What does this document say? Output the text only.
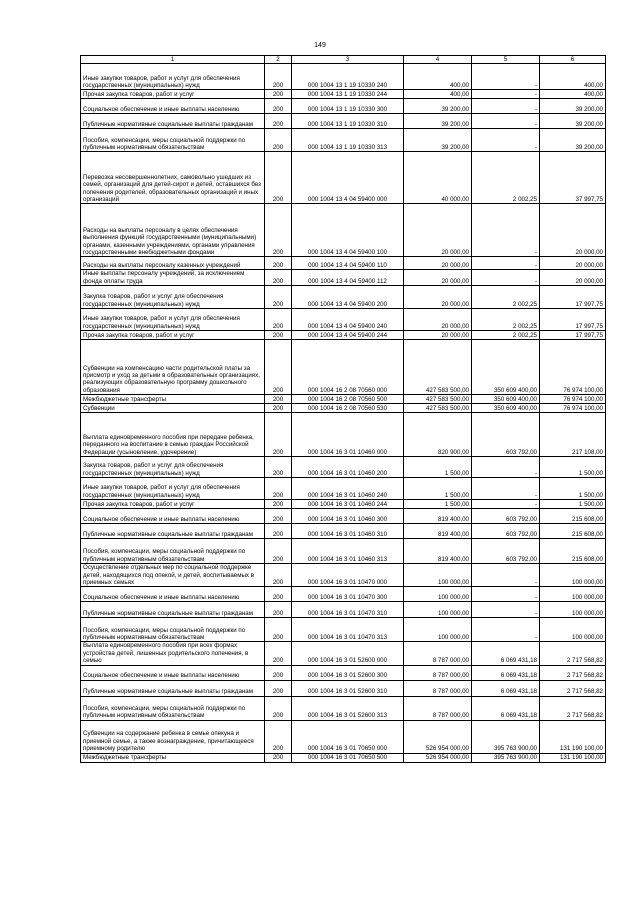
149
1	2	3	4	5	6
Иные закупки товаров, работ и услуг для обеспечения государственных (муниципальных) нужд	200	000 1004 13 1 19 10330 240	400,00	-	400,00
Прочая закупка товаров, работ и услуг	200	000 1004 13 1 19 10330 244	400,00	-	400,00
Социальное обеспечение и иные выплаты населению	200	000 1004 13 1 19 10330 300	39 200,00	-	39 200,00
Публичные нормативные социальные выплаты гражданам	200	000 1004 13 1 19 10330 310	39 200,00	-	39 200,00
Пособия, компенсации, меры социальной поддержки по публичным нормативным обязательствам	200	000 1004 13 1 19 10330 313	39 200,00	-	39 200,00
Перевозка несовершеннолетних, самовольно ушедших из семей, организаций для детей-сирот и детей, оставшихся без попечения родителей, образовательных организаций и иных организаций	200	000 1004 13 4 04 59400 000	40 000,00	2 002,25	37 997,75
Расходы на выплаты персоналу в целях обеспечения выполнения функций государственными (муниципальными) органами, казенными учреждениями, органами управления государственными внебюджетными фондами	200	000 1004 13 4 04 59400 100	20 000,00	-	20 000,00
Расходы на выплаты персоналу казенных учреждений	200	000 1004 13 4 04 59400 110	20 000,00	-	20 000,00
Иные выплаты персоналу учреждений, за исключением фонда оплаты труда	200	000 1004 13 4 04 59400 112	20 000,00	-	20 000,00
Закупка товаров, работ и услуг для обеспечения государственных (муниципальных) нужд	200	000 1004 13 4 04 59400 200	20 000,00	2 002,25	17 997,75
Иные закупки товаров, работ и услуг для обеспечения государственных (муниципальных) нужд	200	000 1004 13 4 04 59400 240	20 000,00	2 002,25	17 997,75
Прочая закупка товаров, работ и услуг	200	000 1004 13 4 04 59400 244	20 000,00	2 002,25	17 997,75
Субвенции на компенсацию части родительской платы за присмотр и уход за детьми в образовательных организациях, реализующих образовательную программу дошкольного образования	200	000 1004 16 2 08 70560 000	427 583 500,00	350 609 400,00	76 974 100,00
Межбюджетные трансферты	200	000 1004 16 2 08 70560 500	427 583 500,00	350 609 400,00	76 974 100,00
Субвенции	200	000 1004 16 2 08 70560 530	427 583 500,00	350 609 400,00	76 974 100,00
Выплата единовременного пособия при передаче ребенка, переданного на воспитание в семью граждан Российской Федерации (усыновление, удочерение)	200	000 1004 16 3 01 10460 000	820 900,00	603 792,00	217 108,00
Закупка товаров, работ и услуг для обеспечения государственных (муниципальных) нужд	200	000 1004 16 3 01 10460 200	1 500,00	-	1 500,00
Иные закупки товаров, работ и услуг для обеспечения государственных (муниципальных) нужд	200	000 1004 16 3 01 10460 240	1 500,00	-	1 500,00
Прочая закупка товаров, работ и услуг	200	000 1004 16 3 01 10460 244	1 500,00	-	1 500,00
Социальное обеспечение и иные выплаты населению	200	000 1004 16 3 01 10460 300	819 400,00	603 792,00	215 608,00
Публичные нормативные социальные выплаты гражданам	200	000 1004 16 3 01 10460 310	819 400,00	603 792,00	215 608,00
Пособия, компенсации, меры социальной поддержки по публичным нормативным обязательствам	200	000 1004 16 3 01 10460 313	819 400,00	603 792,00	215 608,00
Осуществление отдельных мер по социальной поддержке детей, находящихся под опекой, и детей, воспитываемых в приемных семьях	200	000 1004 16 3 01 10470 000	100 000,00	-	100 000,00
Социальное обеспечение и иные выплаты населению	200	000 1004 16 3 01 10470 300	100 000,00	-	100 000,00
Публичные нормативные социальные выплаты гражданам	200	000 1004 16 3 01 10470 310	100 000,00	-	100 000,00
Пособия, компенсации, меры социальной поддержки по публичным нормативным обязательствам	200	000 1004 16 3 01 10470 313	100 000,00	-	100 000,00
Выплата единовременного пособия при всех формах устройства детей, лишенных родительского попечения, в семью	200	000 1004 16 3 01 52600 000	8 787 000,00	6 069 431,18	2 717 568,82
Социальное обеспечение и иные выплаты населению	200	000 1004 16 3 01 52600 300	8 787 000,00	6 069 431,18	2 717 568,82
Публичные нормативные социальные выплаты гражданам	200	000 1004 16 3 01 52600 310	8 787 000,00	6 069 431,18	2 717 568,82
Пособия, компенсации, меры социальной поддержки по публичным нормативным обязательствам	200	000 1004 16 3 01 52600 313	8 787 000,00	6 069 431,18	2 717 568,82
Субвенции на содержание ребенка в семье опекуна и приемной семье, а также вознаграждение, причитающееся приемному родителю	200	000 1004 16 3 01 70650 000	526 954 000,00	395 763 900,00	131 190 100,00
Межбюджетные трансферты	200	000 1004 16 3 01 70650 500	526 954 000,00	395 763 900,00	131 190 100,00
